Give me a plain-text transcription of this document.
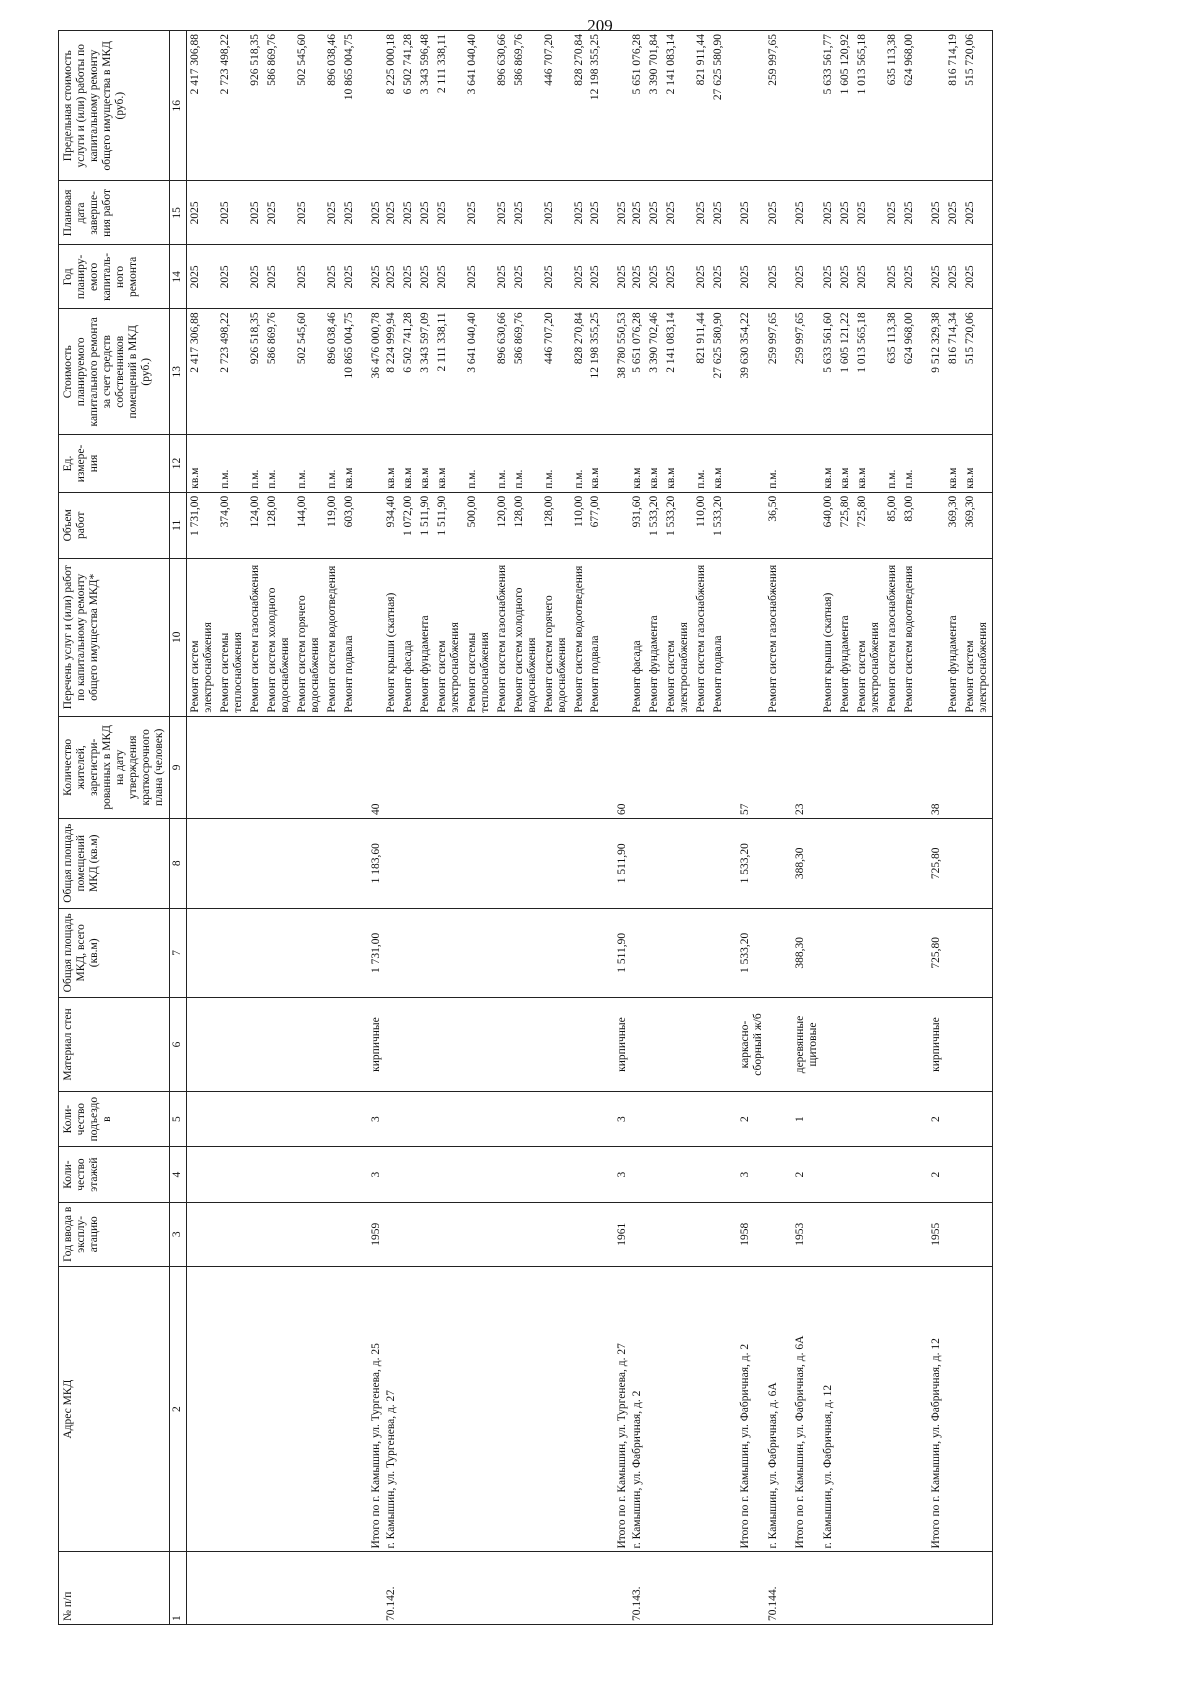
209
№ п/п	Адрес МКД	Год ввода в эксплу-атацию	Коли-чество этажей	Коли-чество подъездо в	Материал стен	Общая площадь МКД, всего (кв.м)	Общая площадь помещений МКД (кв.м)	Количество жителей, зарегистри-рованных в МКД на дату утверждения краткосрочного плана (человек)	Перечень услуг и (или) работ по капитальному ремонту общего имущества МКД*	Объем работ	Ед. измере-ния	Стоимость планируемого капитального ремонта за счет средств собственников помещений в МКД (руб.)	Год планиру-емого капиталь-ного ремонта	Плановая дата заверше-ния работ	Предельная стоимость услуги и (или) работы по капитальному ремонту общего имущества в МКД (руб.)
1	2	3	4	5	6	7	8	9	10	11	12	13	14	15	16
									Ремонт систем электроснабжения	1 731,00	кв.м	2 417 306,88	2025	2025	2 417 306,88
									Ремонт системы теплоснабжения	374,00	п.м.	2 723 498,22	2025	2025	2 723 498,22
									Ремонт систем газоснабжения	124,00	п.м.	926 518,35	2025	2025	926 518,35
									Ремонт систем холодного водоснабжения	128,00	п.м.	586 869,76	2025	2025	586 869,76
									Ремонт систем горячего водоснабжения	144,00	п.м.	502 545,60	2025	2025	502 545,60
									Ремонт систем водоотведения	119,00	п.м.	896 038,46	2025	2025	896 038,46
									Ремонт подвала	603,00	кв.м	10 865 004,75	2025	2025	10 865 004,75
	Итого по г. Камышин, ул. Тургенева, д. 25	1959	3	3	кирпичные	1 731,00	1 183,60	40				36 476 000,78	2025	2025	
70.142.	г. Камышин, ул. Тургенева, д. 27								Ремонт крыши (скатная)	934,40	кв.м	8 224 999,94	2025	2025	8 225 000,18
									Ремонт фасада	1 072,00	кв.м	6 502 741,28	2025	2025	6 502 741,28
									Ремонт фундамента	1 511,90	кв.м	3 343 597,09	2025	2025	3 343 596,48
									Ремонт систем электроснабжения	1 511,90	кв.м	2 111 338,11	2025	2025	2 111 338,11
									Ремонт системы теплоснабжения	500,00	п.м.	3 641 040,40	2025	2025	3 641 040,40
									Ремонт систем газоснабжения	120,00	п.м.	896 630,66	2025	2025	896 630,66
									Ремонт систем холодного водоснабжения	128,00	п.м.	586 869,76	2025	2025	586 869,76
									Ремонт систем горячего водоснабжения	128,00	п.м.	446 707,20	2025	2025	446 707,20
									Ремонт систем водоотведения	110,00	п.м.	828 270,84	2025	2025	828 270,84
									Ремонт подвала	677,00	кв.м	12 198 355,25	2025	2025	12 198 355,25
	Итого по г. Камышин, ул. Тургенева, д. 27	1961	3	3	кирпичные	1 511,90	1 511,90	60				38 780 550,53	2025	2025	
70.143.	г. Камышин, ул. Фабричная, д. 2								Ремонт фасада	931,60	кв.м	5 651 076,28	2025	2025	5 651 076,28
									Ремонт фундамента	1 533,20	кв.м	3 390 702,46	2025	2025	3 390 701,84
									Ремонт систем электроснабжения	1 533,20	кв.м	2 141 083,14	2025	2025	2 141 083,14
									Ремонт систем газоснабжения	110,00	п.м.	821 911,44	2025	2025	821 911,44
									Ремонт подвала	1 533,20	кв.м	27 625 580,90	2025	2025	27 625 580,90
	Итого по г. Камышин, ул. Фабричная, д. 2	1958	3	2	каркасно-сборный ж/б	1 533,20	1 533,20	57				39 630 354,22	2025	2025	
70.144.	г. Камышин, ул. Фабричная, д. 6А								Ремонт систем газоснабжения	36,50	п.м.	259 997,65	2025	2025	259 997,65
	Итого по г. Камышин, ул. Фабричная, д. 6А	1953	2	1	деревянные щитовые	388,30	388,30	23				259 997,65	2025	2025	
	г. Камышин, ул. Фабричная, д. 12								Ремонт крыши (скатная)	640,00	кв.м	5 633 561,60	2025	2025	5 633 561,77
									Ремонт фундамента	725,80	кв.м	1 605 121,22	2025	2025	1 605 120,92
									Ремонт систем электроснабжения	725,80	кв.м	1 013 565,18	2025	2025	1 013 565,18
									Ремонт систем газоснабжения	85,00	п.м.	635 113,38	2025	2025	635 113,38
									Ремонт систем водоотведения	83,00	п.м.	624 968,00	2025	2025	624 968,00
	Итого по г. Камышин, ул. Фабричная, д. 12	1955	2	2	кирпичные	725,80	725,80	38				9 512 329,38	2025	2025	
									Ремонт фундамента	369,30	кв.м	816 714,34	2025	2025	816 714,19
									Ремонт систем электроснабжения	369,30	кв.м	515 720,06	2025	2025	515 720,06
